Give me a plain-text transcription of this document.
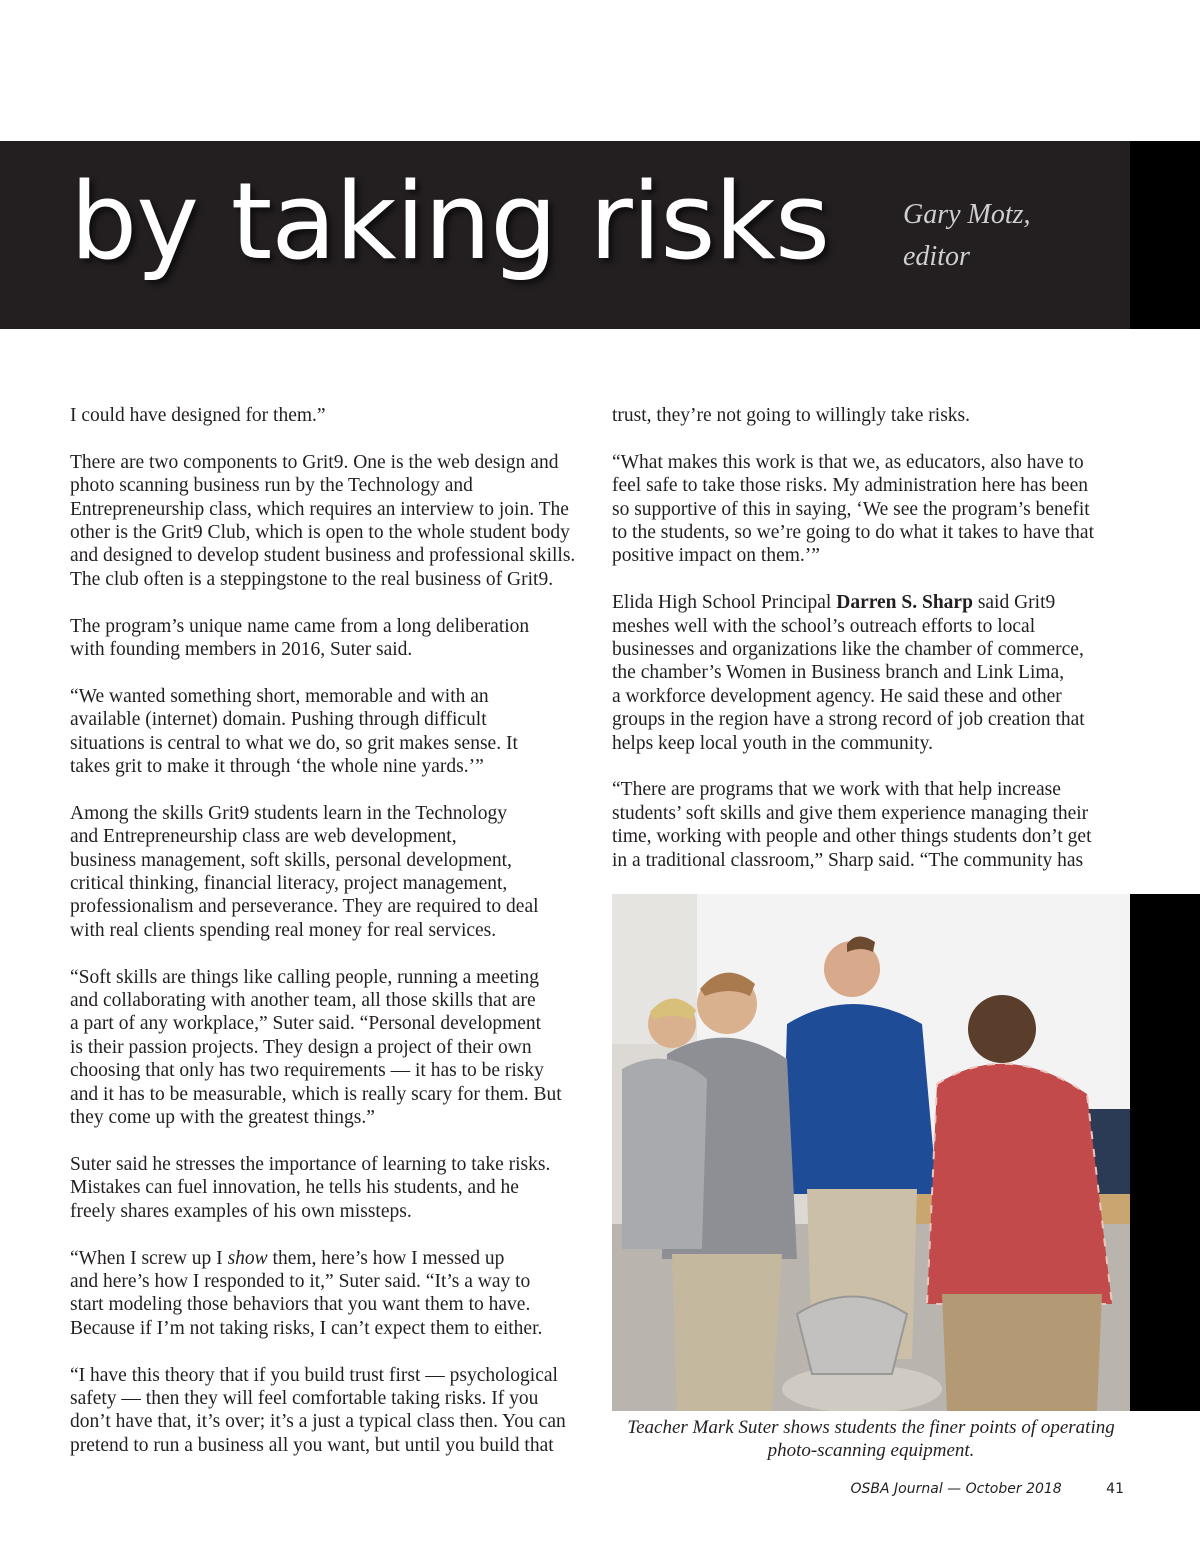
by taking risks	Gary Motz,
editor

I could have designed for them.”

There are two components to Grit9. One is the web design and
photo scanning business run by the Technology and
Entrepreneurship class, which requires an interview to join. The
other is the Grit9 Club, which is open to the whole student body
and designed to develop student business and professional skills.
The club often is a steppingstone to the real business of Grit9.

The program’s unique name came from a long deliberation
with founding members in 2016, Suter said.

“We wanted something short, memorable and with an
available (internet) domain. Pushing through difficult
situations is central to what we do, so grit makes sense. It
takes grit to make it through ‘the whole nine yards.’”

Among the skills Grit9 students learn in the Technology
and Entrepreneurship class are web development,
business management, soft skills, personal development,
critical thinking, financial literacy, project management,
professionalism and perseverance. They are required to deal
with real clients spending real money for real services.

“Soft skills are things like calling people, running a meeting
and collaborating with another team, all those skills that are
a part of any workplace,” Suter said. “Personal development
is their passion projects. They design a project of their own
choosing that only has two requirements — it has to be risky
and it has to be measurable, which is really scary for them. But
they come up with the greatest things.”

Suter said he stresses the importance of learning to take risks.
Mistakes can fuel innovation, he tells his students, and he
freely shares examples of his own missteps.

“When I screw up I show them, here’s how I messed up
and here’s how I responded to it,” Suter said. “It’s a way to
start modeling those behaviors that you want them to have.
Because if I’m not taking risks, I can’t expect them to either.

“I have this theory that if you build trust first — psychological
safety — then they will feel comfortable taking risks. If you
don’t have that, it’s over; it’s a just a typical class then. You can
pretend to run a business all you want, but until you build that

trust, they’re not going to willingly take risks.

“What makes this work is that we, as educators, also have to
feel safe to take those risks. My administration here has been
so supportive of this in saying, ‘We see the program’s benefit
to the students, so we’re going to do what it takes to have that
positive impact on them.’”

Elida High School Principal Darren S. Sharp said Grit9
meshes well with the school’s outreach efforts to local
businesses and organizations like the chamber of commerce,
the chamber’s Women in Business branch and Link Lima,
a workforce development agency. He said these and other
groups in the region have a strong record of job creation that
helps keep local youth in the community.

“There are programs that we work with that help increase
students’ soft skills and give them experience managing their
time, working with people and other things students don’t get
in a traditional classroom,” Sharp said. “The community has

Teacher Mark Suter shows students the finer points of operating
photo-scanning equipment.
OSBA Journal — October 2018	41
